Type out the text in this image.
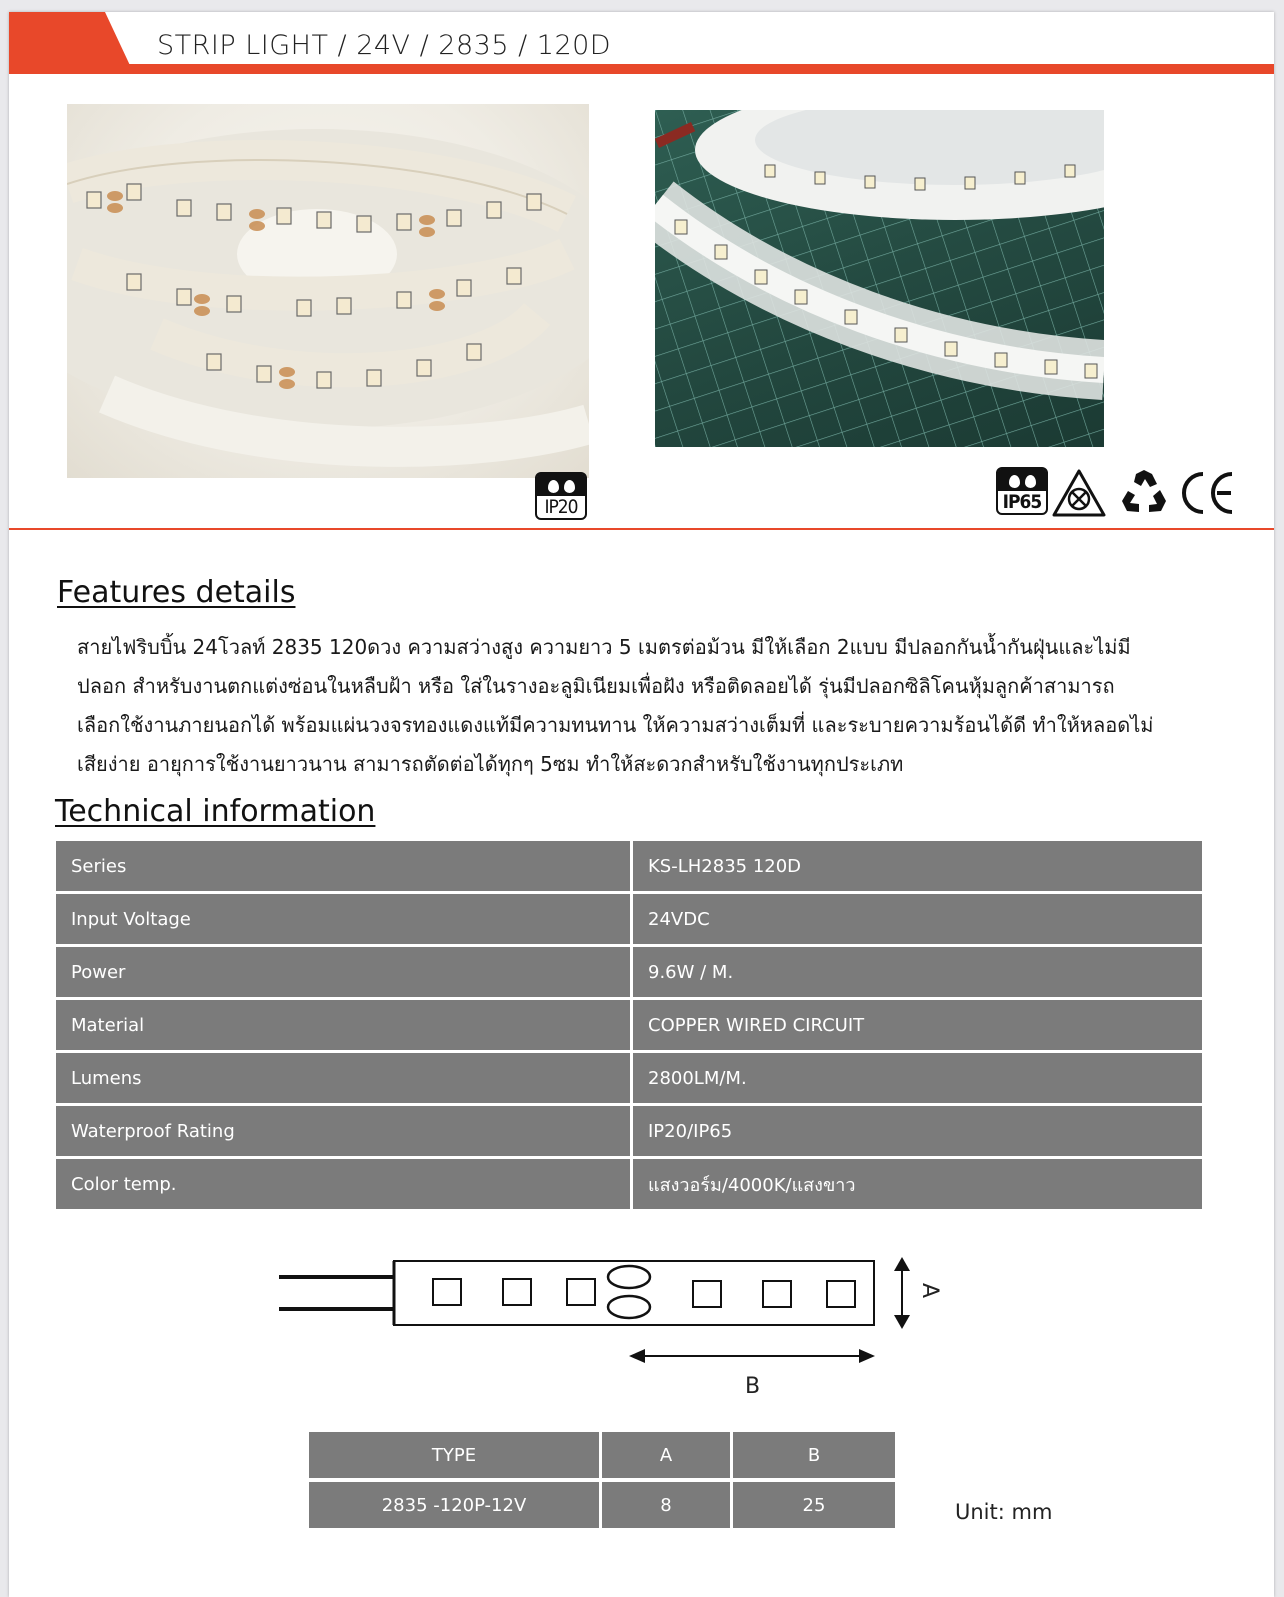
STRIP LIGHT / 24V / 2835 / 120D
IP20	IP65
Features details

สายไฟริบบิ้น 24โวลท์ 2835 120ดวง ความสว่างสูง ความยาว 5 เมตรต่อม้วน มีให้เลือก 2แบบ มีปลอกกันน้ำกันฝุ่นและไม่มี

ปลอก สำหรับงานตกแต่งซ่อนในหลืบฝ้า หรือ ใส่ในรางอะลูมิเนียมเพื่อฝัง หรือติดลอยได้ รุ่นมีปลอกซิลิโคนหุ้มลูกค้าสามารถ

เลือกใช้งานภายนอกได้ พร้อมแผ่นวงจรทองแดงแท้มีความทนทาน ให้ความสว่างเต็มที่ และระบายความร้อนได้ดี ทำให้หลอดไม่

เสียง่าย อายุการใช้งานยาวนาน สามารถตัดต่อได้ทุกๆ 5ซม ทำให้สะดวกสำหรับใช้งานทุกประเภท

Technical information
Series	KS-LH2835 120D
Input Voltage	24VDC
Power	9.6W / M.
Material	COPPER WIRED CIRCUIT
Lumens	2800LM/M.
Waterproof Rating	IP20/IP65
Color temp.	แสงวอร์ม/4000K/แสงขาว
A
B
TYPE	A	B
2835 -120P-12V	8	25	Unit: mm
